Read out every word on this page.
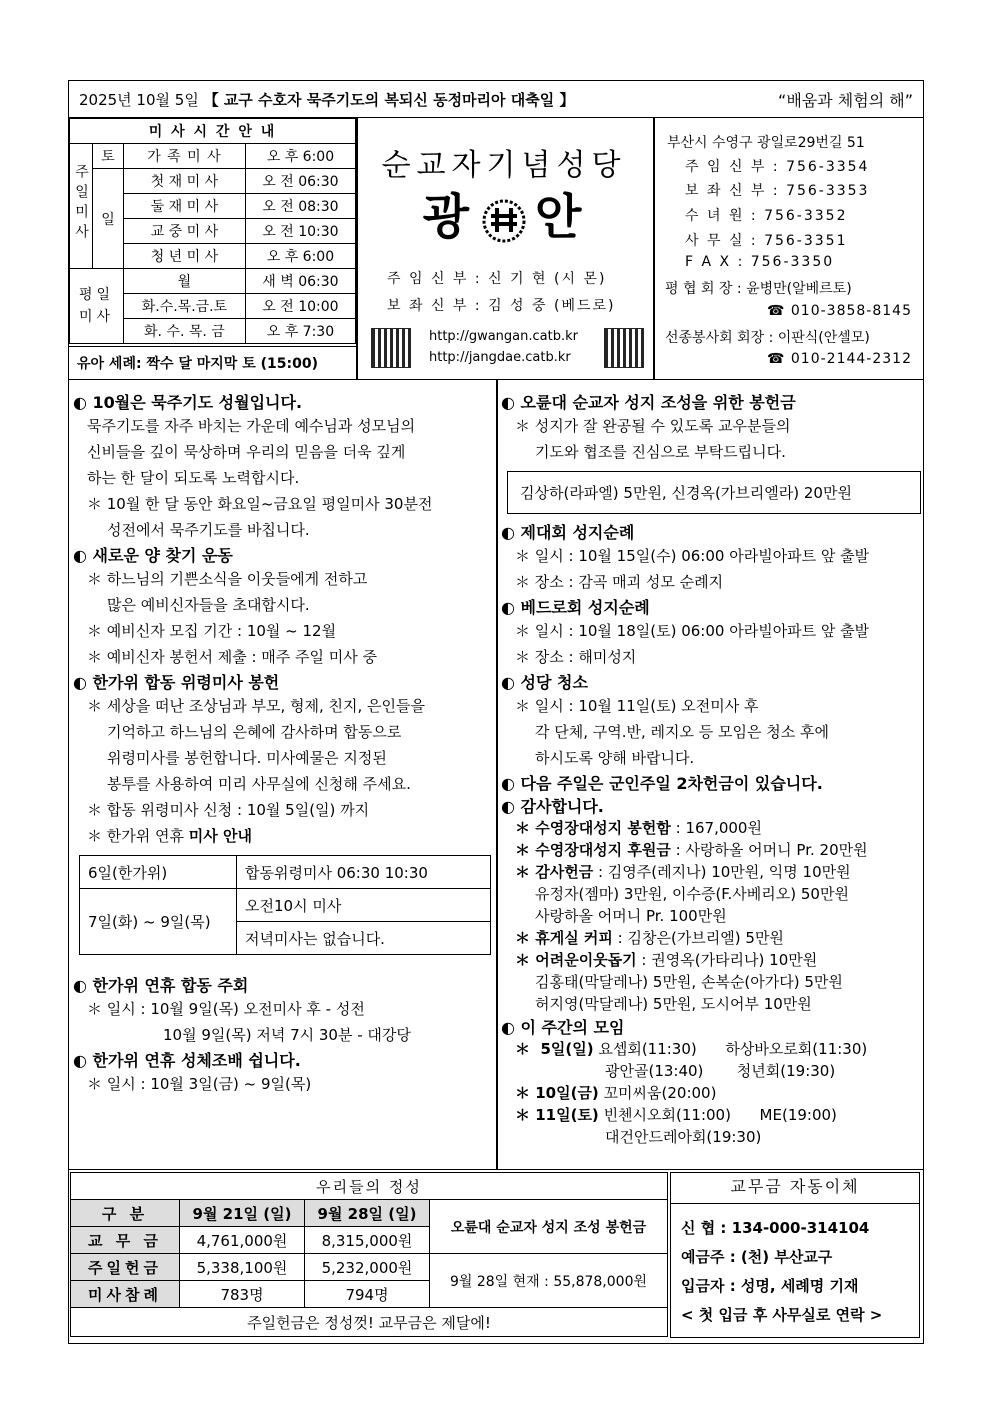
2025년 10월 5일 【 교구 수호자 묵주기도의 복되신 동정마리아 대축일 】	“배움과 체험의 해”
미 사 시 간 안 내			
주일미사	토	가 족 미 사	오 후 6:00
	일	첫 재 미 사	오 전 06:30
		둘 재 미 사	오 전 08:30
		교 중 미 사	오 전 10:30
		청 년 미 사	오 후 6:00
평일미사		월	새 벽 06:30
		화.수.목.금.토	오 전 10:00
		화. 수. 목. 금	오 후 7:30
유아 세례: 짝수 달 마지막 토 (15:00)
순교자기념성당
광 안
주 임 신 부 : 신 기 현 (시 몬)
보 좌 신 부 : 김 성 중 (베드로)
http://gwangan.catb.kr
http://jangdae.catb.kr
부산시 수영구 광일로29번길 51
주 임 신 부 : 756-3354
보 좌 신 부 : 756-3353
수 녀 원 : 756-3352
사 무 실 : 756-3351
F A X : 756-3350
평 협 회 장 : 윤병만(알베르토)
☎ 010-3858-8145
선종봉사회 회장 : 이판식(안셀모)
☎ 010-2144-2312

◐ 10월은 묵주기도 성월입니다.

묵주기도를 자주 바치는 가운데 예수님과 성모님의

신비들을 깊이 묵상하며 우리의 믿음을 더욱 깊게

하는 한 달이 되도록 노력합시다.

＊ 10월 한 달 동안 화요일~금요일 평일미사 30분전

성전에서 묵주기도를 바칩니다.

◐ 새로운 양 찾기 운동

＊ 하느님의 기쁜소식을 이웃들에게 전하고

많은 예비신자들을 초대합시다.

＊ 예비신자 모집 기간 : 10월 ~ 12월

＊ 예비신자 봉헌서 제출 : 매주 주일 미사 중

◐ 한가위 합동 위령미사 봉헌

＊ 세상을 떠난 조상님과 부모, 형제, 친지, 은인들을

기억하고 하느님의 은혜에 감사하며 합동으로

위령미사를 봉헌합니다. 미사예물은 지정된

봉투를 사용하여 미리 사무실에 신청해 주세요.

＊ 합동 위령미사 신청 : 10월 5일(일) 까지

＊ 한가위 연휴 미사 안내

6일(한가위)	합동위령미사 06:30 10:30
7일(화) ~ 9일(목)	오전10시 미사
	저녁미사는 없습니다.

◐ 한가위 연휴 합동 주회

＊ 일시 : 10월 9일(목) 오전미사 후 - 성전

10월 9일(목) 저녁 7시 30분 - 대강당

◐ 한가위 연휴 성체조배 쉽니다.

＊ 일시 : 10월 3일(금) ~ 9일(목)

◐ 오륜대 순교자 성지 조성을 위한 봉헌금

＊ 성지가 잘 완공될 수 있도록 교우분들의

기도와 협조를 진심으로 부탁드립니다.

김상하(라파엘) 5만원, 신경옥(가브리엘라) 20만원

◐ 제대회 성지순례

＊ 일시 : 10월 15일(수) 06:00 아라빌아파트 앞 출발

＊ 장소 : 감곡 매괴 성모 순례지

◐ 베드로회 성지순례

＊ 일시 : 10월 18일(토) 06:00 아라빌아파트 앞 출발

＊ 장소 : 해미성지

◐ 성당 청소

＊ 일시 : 10월 11일(토) 오전미사 후

각 단체, 구역.반, 레지오 등 모임은 청소 후에

하시도록 양해 바랍니다.

◐ 다음 주일은 군인주일 2차헌금이 있습니다.

◐ 감사합니다.

＊ 수영장대성지 봉헌함 : 167,000원

＊ 수영장대성지 후원금 : 사랑하올 어머니 Pr. 20만원

＊ 감사헌금 : 김영주(레지나) 10만원, 익명 10만원

유정자(젬마) 3만원, 이수증(F.사베리오) 50만원

사랑하올 어머니 Pr. 100만원

＊ 휴게실 커피 : 김창은(가브리엘) 5만원

＊ 어려운이웃돕기 : 권영옥(가타리나) 10만원

김홍태(막달레나) 5만원, 손복순(아가다) 5만원

허지영(막달레나) 5만원, 도시어부 10만원

◐ 이 주간의 모임

＊  5일(일) 요셉회(11:30)      하상바오로회(11:30)

광안골(13:40)       청년회(19:30)

＊ 10일(금) 꼬미씨움(20:00)

＊ 11일(토) 빈첸시오회(11:00)      ME(19:00)

대건안드레아회(19:30)

우리들의 정성			
구 분	9월 21일 (일)	9월 28일 (일)	오륜대 순교자 성지 조성 봉헌금
교 무 금	4,761,000원	8,315,000원	
주일헌금	5,338,100원	5,232,000원	9월 28일 현재 : 55,878,000원
미사참례	783명	794명	
주일헌금은 정성껏! 교무금은 제달에!			
교무금 자동이체
신 협 : 134-000-314104
예금주 : (천) 부산교구
입금자 : 성명, 세례명 기재
< 첫 입금 후 사무실로 연락 >
